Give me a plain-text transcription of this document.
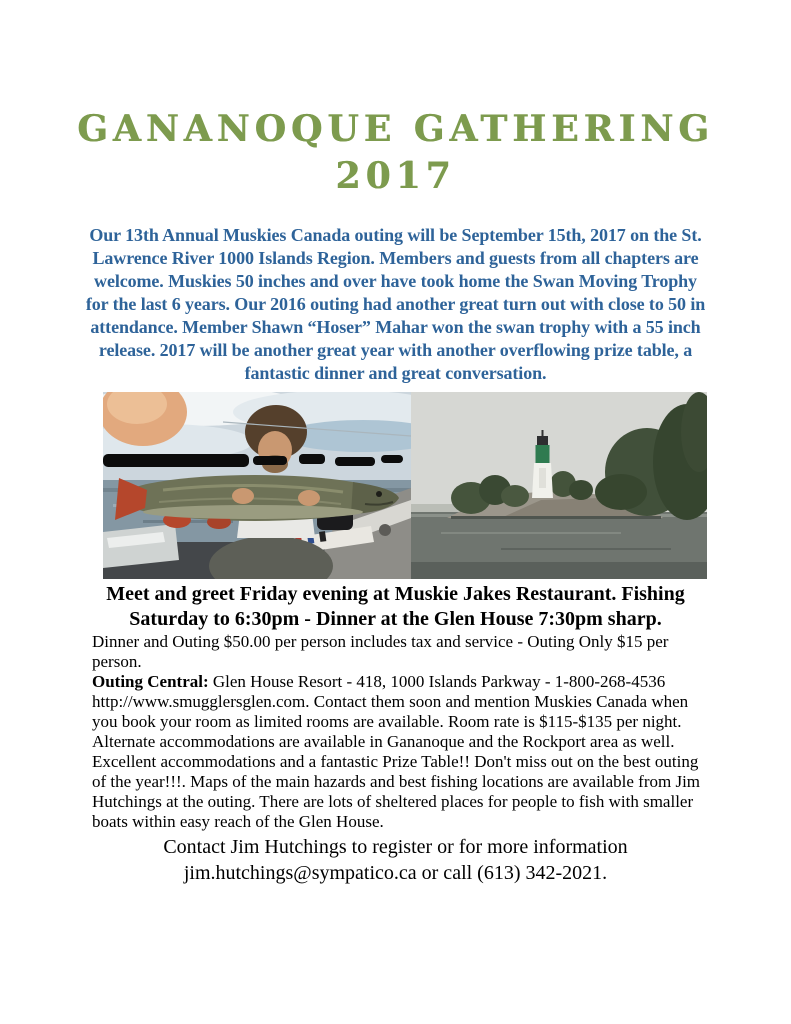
GANANOQUE GATHERING
2017
Our 13th Annual Muskies Canada outing will be September 15th, 2017 on the St. Lawrence River 1000 Islands Region. Members and guests from all chapters are welcome. Muskies 50 inches and over have took home the Swan Moving Trophy for the last 6 years. Our 2016 outing had another great turn out with close to 50 in attendance. Member Shawn “Hoser” Mahar won the swan trophy with a 55 inch release. 2017 will be another great year with another overflowing prize table, a fantastic dinner and great conversation.
Meet and greet Friday evening at Muskie Jakes Restaurant. Fishing Saturday to 6:30pm - Dinner at the Glen House 7:30pm sharp.
Dinner and Outing $50.00 per person includes tax and service - Outing Only $15 per person.
Outing Central: Glen House Resort - 418, 1000 Islands Parkway - 1-800-268-4536 http://www.smugglersglen.com. Contact them soon and mention Muskies Canada when you book your room as limited rooms are available. Room rate is $115-$135 per night. Alternate accommodations are available in Gananoque and the Rockport area as well.
Excellent accommodations and a fantastic Prize Table!! Don't miss out on the best outing of the year!!!. Maps of the main hazards and best fishing locations are available from Jim Hutchings at the outing. There are lots of sheltered places for people to fish with smaller boats within easy reach of the Glen House.
Contact Jim Hutchings to register or for more information
jim.hutchings@sympatico.ca or call (613) 342-2021.
